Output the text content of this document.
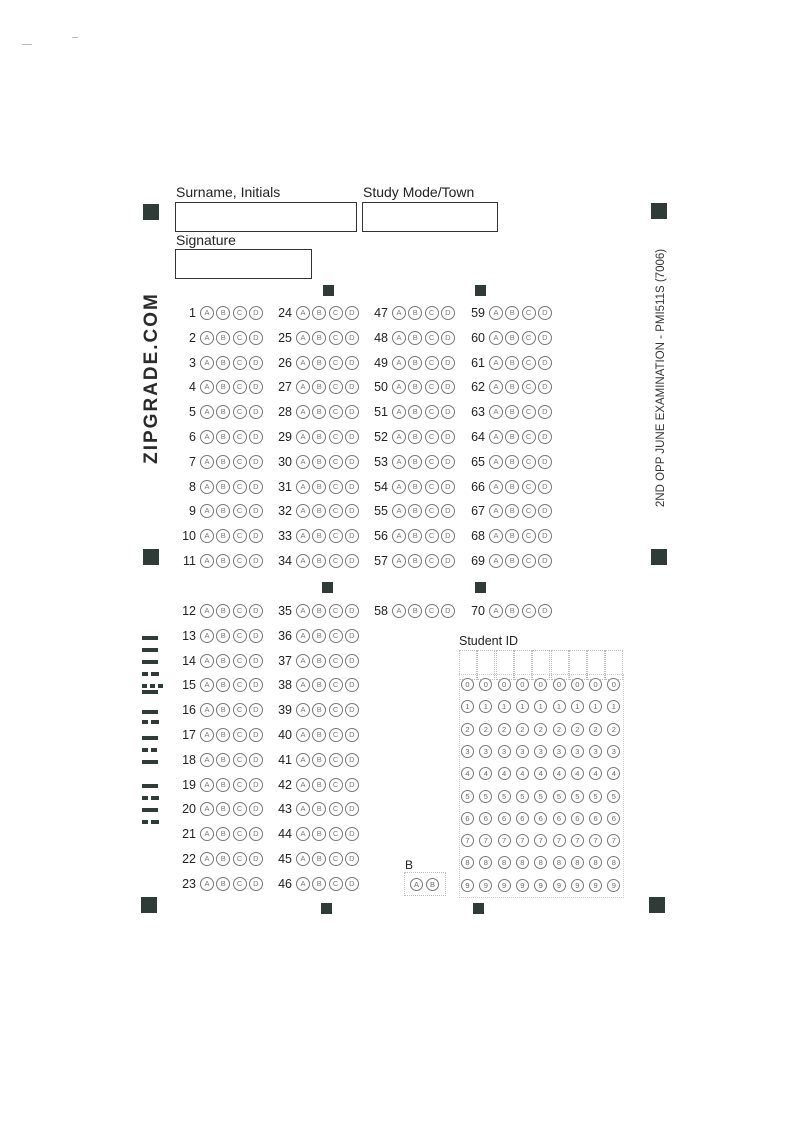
Surname, Initials	Study Mode/Town
Signature
ZIPGRADE.COM	2ND OPP JUNE EXAMINATION - PMI511S (7006)
1	A	B	C	D
2	A	B	C	D
3	A	B	C	D
4	A	B	C	D
5	A	B	C	D
6	A	B	C	D
7	A	B	C	D
8	A	B	C	D
9	A	B	C	D
10	A	B	C	D
11	A	B	C	D
24	A	B	C	D
25	A	B	C	D
26	A	B	C	D
27	A	B	C	D
28	A	B	C	D
29	A	B	C	D
30	A	B	C	D
31	A	B	C	D
32	A	B	C	D
33	A	B	C	D
34	A	B	C	D
47	A	B	C	D
48	A	B	C	D
49	A	B	C	D
50	A	B	C	D
51	A	B	C	D
52	A	B	C	D
53	A	B	C	D
54	A	B	C	D
55	A	B	C	D
56	A	B	C	D
57	A	B	C	D
59	A	B	C	D
60	A	B	C	D
61	A	B	C	D
62	A	B	C	D
63	A	B	C	D
64	A	B	C	D
65	A	B	C	D
66	A	B	C	D
67	A	B	C	D
68	A	B	C	D
69	A	B	C	D
12	A	B	C	D
13	A	B	C	D
14	A	B	C	D
15	A	B	C	D
16	A	B	C	D
17	A	B	C	D
18	A	B	C	D
19	A	B	C	D
20	A	B	C	D
21	A	B	C	D
22	A	B	C	D
23	A	B	C	D
35	A	B	C	D
36	A	B	C	D
37	A	B	C	D
38	A	B	C	D
39	A	B	C	D
40	A	B	C	D
41	A	B	C	D
42	A	B	C	D
43	A	B	C	D
44	A	B	C	D
45	A	B	C	D
46	A	B	C	D
58	A	B	C	D	70	A	B	C	D
B
A	B
Student ID
0	0	0	0	0	0	0	0	0
1	1	1	1	1	1	1	1	1
2	2	2	2	2	2	2	2	2
3	3	3	3	3	3	3	3	3
4	4	4	4	4	4	4	4	4
5	5	5	5	5	5	5	5	5
6	6	6	6	6	6	6	6	6
7	7	7	7	7	7	7	7	7
8	8	8	8	8	8	8	8	8
9	9	9	9	9	9	9	9	9
